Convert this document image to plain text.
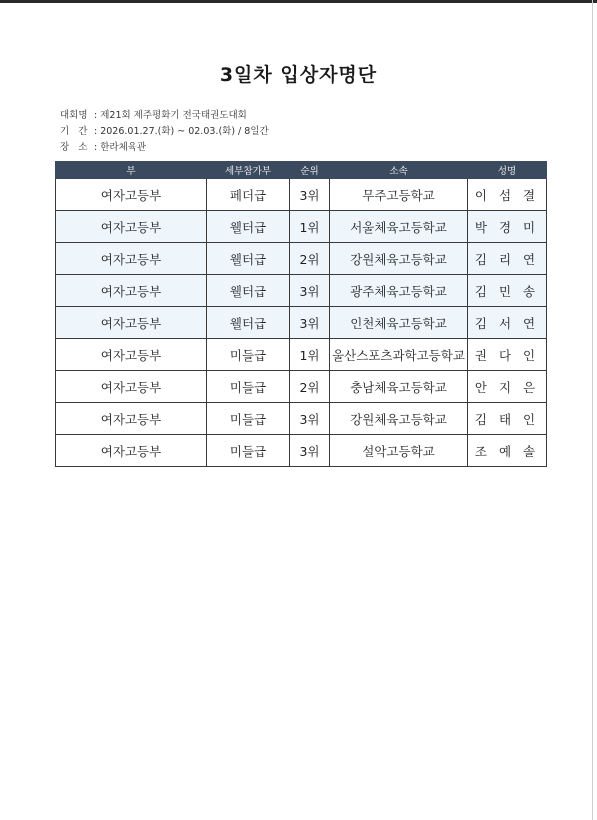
3일차 입상자명단
대회명 : 제21회 제주평화기 전국태권도대회
기   간 : 2026.01.27.(화) ~ 02.03.(화) / 8일간
장   소 : 한라체육관
부	세부참가부	순위	소속	성명
여자고등부	페더급	3위	무주고등학교	이 섬 결
여자고등부	웰터급	1위	서울체육고등학교	박 경 미
여자고등부	웰터급	2위	강원체육고등학교	김 리 연
여자고등부	웰터급	3위	광주체육고등학교	김 민 송
여자고등부	웰터급	3위	인천체육고등학교	김 서 연
여자고등부	미들급	1위	울산스포츠과학고등학교	권 다 인
여자고등부	미들급	2위	충남체육고등학교	안 지 은
여자고등부	미들급	3위	강원체육고등학교	김 태 인
여자고등부	미들급	3위	설악고등학교	조 예 솔
